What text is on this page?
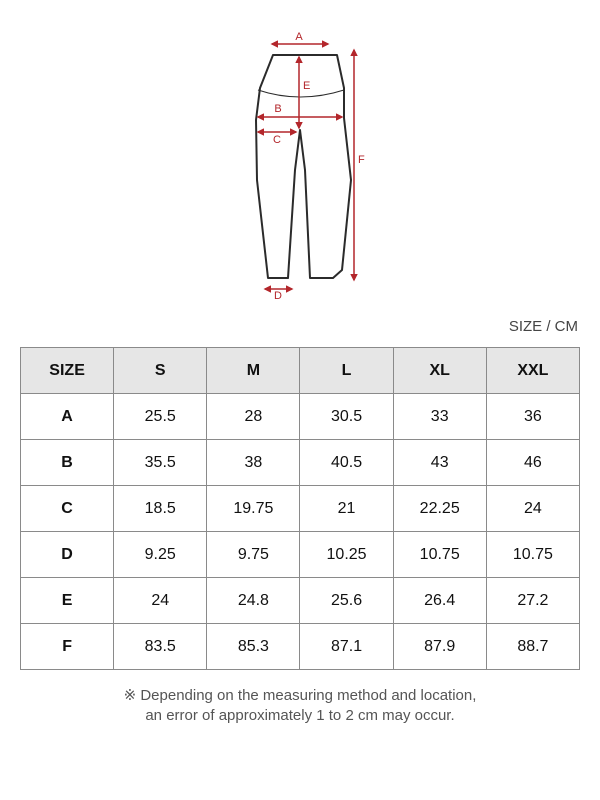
A
E
B
C
F
D
SIZE / CM
SIZE	S	M	L	XL	XXL
A	25.5	28	30.5	33	36
B	35.5	38	40.5	43	46
C	18.5	19.75	21	22.25	24
D	9.25	9.75	10.25	10.75	10.75
E	24	24.8	25.6	26.4	27.2
F	83.5	85.3	87.1	87.9	88.7
※ Depending on the measuring method and location,
an error of approximately 1 to 2 cm may occur.
